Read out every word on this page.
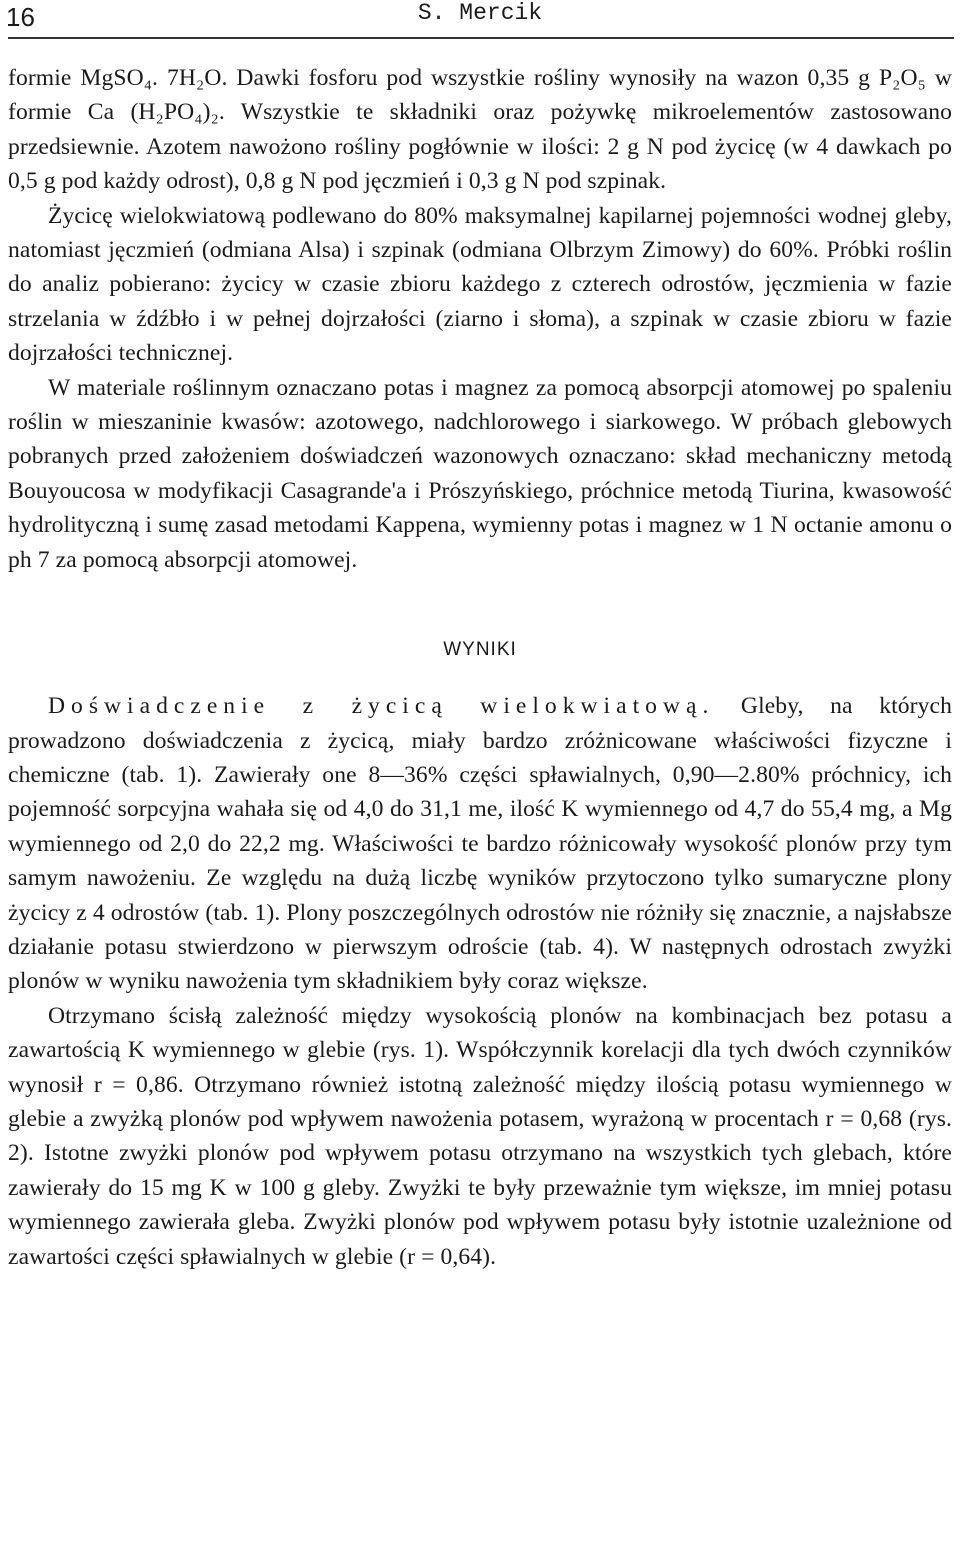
16	S. Mercik

formie MgSO₄. 7H₂O. Dawki fosforu pod wszystkie rośliny wynosiły na wazon 0,35 g P₂O₅ w formie Ca (H₂PO₄)₂. Wszystkie te składniki oraz pożywkę mikroelementów zastosowano przedsiewnie. Azotem nawożono rośliny pogłównie w ilości: 2 g N pod życicę (w 4 dawkach po 0,5 g pod każdy odrost), 0,8 g N pod jęczmień i 0,3 g N pod szpinak.

Życicę wielokwiatową podlewano do 80% maksymalnej kapilarnej pojemności wodnej gleby, natomiast jęczmień (odmiana Alsa) i szpinak (odmiana Olbrzym Zimowy) do 60%. Próbki roślin do analiz pobierano: życicy w czasie zbioru każdego z czterech odrostów, jęczmienia w fazie strzelania w źdźbło i w pełnej dojrzałości (ziarno i słoma), a szpinak w czasie zbioru w fazie dojrzałości technicznej.

W materiale roślinnym oznaczano potas i magnez za pomocą absorpcji atomowej po spaleniu roślin w mieszaninie kwasów: azotowego, nadchlorowego i siarkowego. W próbach glebowych pobranych przed założeniem doświadczeń wazonowych oznaczano: skład mechaniczny metodą Bouyoucosa w modyfikacji Casagrande'a i Prószyńskiego, próchnice metodą Tiurina, kwasowość hydrolityczną i sumę zasad metodami Kappena, wymienny potas i magnez w 1 N octanie amonu o ph 7 za pomocą absorpcji atomowej.

WYNIKI

Doświadczenie z życicą wielokwiatową. Gleby, na których prowadzono doświadczenia z życicą, miały bardzo zróżnicowane właściwości fizyczne i chemiczne (tab. 1). Zawierały one 8—36% części spławialnych, 0,90—2.80% próchnicy, ich pojemność sorpcyjna wahała się od 4,0 do 31,1 me, ilość K wymiennego od 4,7 do 55,4 mg, a Mg wymiennego od 2,0 do 22,2 mg. Właściwości te bardzo różnicowały wysokość plonów przy tym samym nawożeniu. Ze względu na dużą liczbę wyników przytoczono tylko sumaryczne plony życicy z 4 odrostów (tab. 1). Plony poszczególnych odrostów nie różniły się znacznie, a najsłabsze działanie potasu stwierdzono w pierwszym odroście (tab. 4). W następnych odrostach zwyżki plonów w wyniku nawożenia tym składnikiem były coraz większe.

Otrzymano ścisłą zależność między wysokością plonów na kombinacjach bez potasu a zawartością K wymiennego w glebie (rys. 1). Współczynnik korelacji dla tych dwóch czynników wynosił r = 0,86. Otrzymano również istotną zależność między ilością potasu wymiennego w glebie a zwyżką plonów pod wpływem nawożenia potasem, wyrażoną w procentach r = 0,68 (rys. 2). Istotne zwyżki plonów pod wpływem potasu otrzymano na wszystkich tych glebach, które zawierały do 15 mg K w 100 g gleby. Zwyżki te były przeważnie tym większe, im mniej potasu wymiennego zawierała gleba. Zwyżki plonów pod wpływem potasu były istotnie uzależnione od zawartości części spławialnych w glebie (r = 0,64).
